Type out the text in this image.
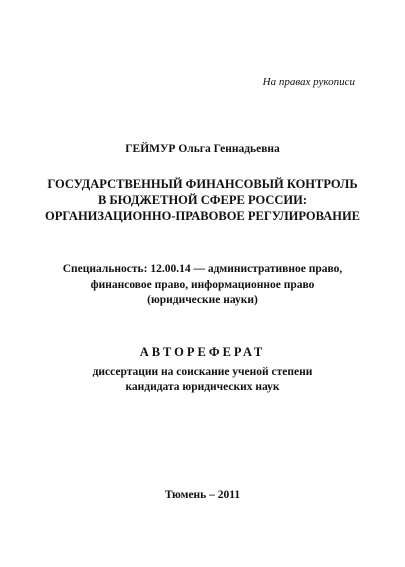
На правах рукописи
ГЕЙМУР Ольга Геннадьевна
ГОСУДАРСТВЕННЫЙ ФИНАНСОВЫЙ КОНТРОЛЬ
В БЮДЖЕТНОЙ СФЕРЕ РОССИИ:
ОРГАНИЗАЦИОННО-ПРАВОВОЕ РЕГУЛИРОВАНИЕ
Специальность: 12.00.14 — административное право,
финансовое право, информационное право
(юридические науки)
АВТОРЕФЕРАТ
диссертации на соискание ученой степени
кандидата юридических наук
Тюмень – 2011
